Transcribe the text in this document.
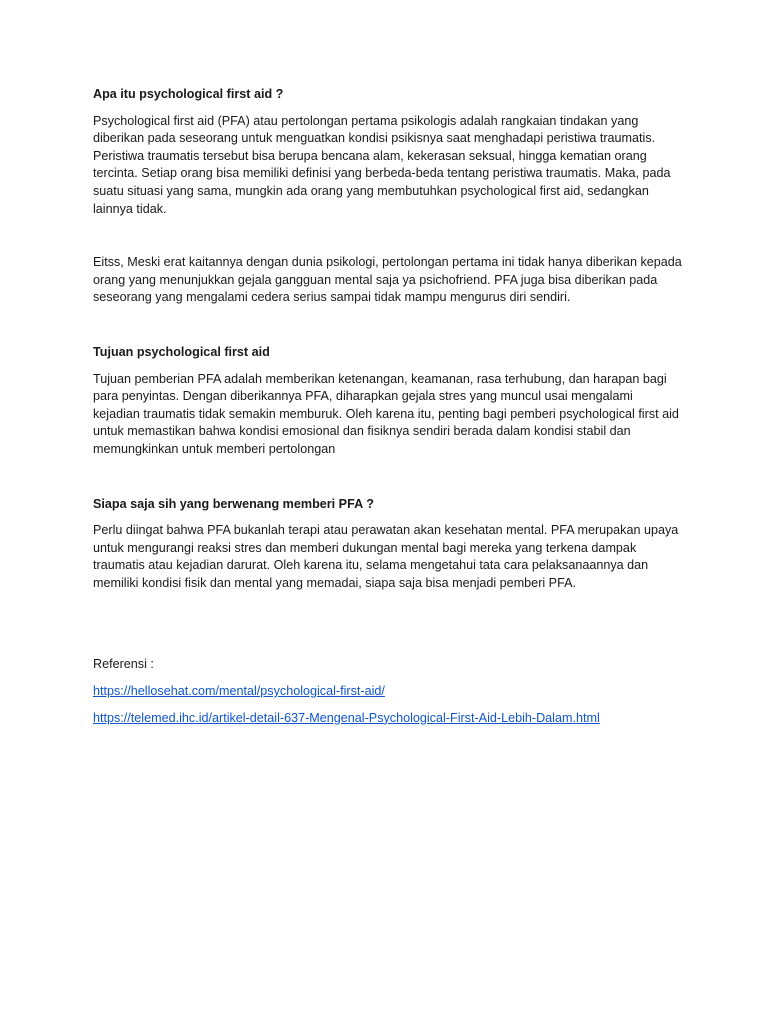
Apa itu psychological first aid ?

Psychological first aid (PFA) atau pertolongan pertama psikologis adalah rangkaian tindakan yang diberikan pada seseorang untuk menguatkan kondisi psikisnya saat menghadapi peristiwa traumatis. Peristiwa traumatis tersebut bisa berupa bencana alam, kekerasan seksual, hingga kematian orang tercinta. Setiap orang bisa memiliki definisi yang berbeda-beda tentang peristiwa traumatis. Maka, pada suatu situasi yang sama, mungkin ada orang yang membutuhkan psychological first aid, sedangkan lainnya tidak.

Eitss, Meski erat kaitannya dengan dunia psikologi, pertolongan pertama ini tidak hanya diberikan kepada orang yang menunjukkan gejala gangguan mental saja ya psichofriend. PFA juga bisa diberikan pada seseorang yang mengalami cedera serius sampai tidak mampu mengurus diri sendiri.

Tujuan psychological first aid

Tujuan pemberian PFA adalah memberikan ketenangan, keamanan, rasa terhubung, dan harapan bagi para penyintas. Dengan diberikannya PFA, diharapkan gejala stres yang muncul usai mengalami kejadian traumatis tidak semakin memburuk. Oleh karena itu, penting bagi pemberi psychological first aid untuk memastikan bahwa kondisi emosional dan fisiknya sendiri berada dalam kondisi stabil dan memungkinkan untuk memberi pertolongan

Siapa saja sih yang berwenang memberi PFA ?

Perlu diingat bahwa PFA bukanlah terapi atau perawatan akan kesehatan mental. PFA merupakan upaya untuk mengurangi reaksi stres dan memberi dukungan mental bagi mereka yang terkena dampak traumatis atau kejadian darurat. Oleh karena itu, selama mengetahui tata cara pelaksanaannya dan memiliki kondisi fisik dan mental yang memadai, siapa saja bisa menjadi pemberi PFA.

Referensi :
https://hellosehat.com/mental/psychological-first-aid/
https://telemed.ihc.id/artikel-detail-637-Mengenal-Psychological-First-Aid-Lebih-Dalam.html
